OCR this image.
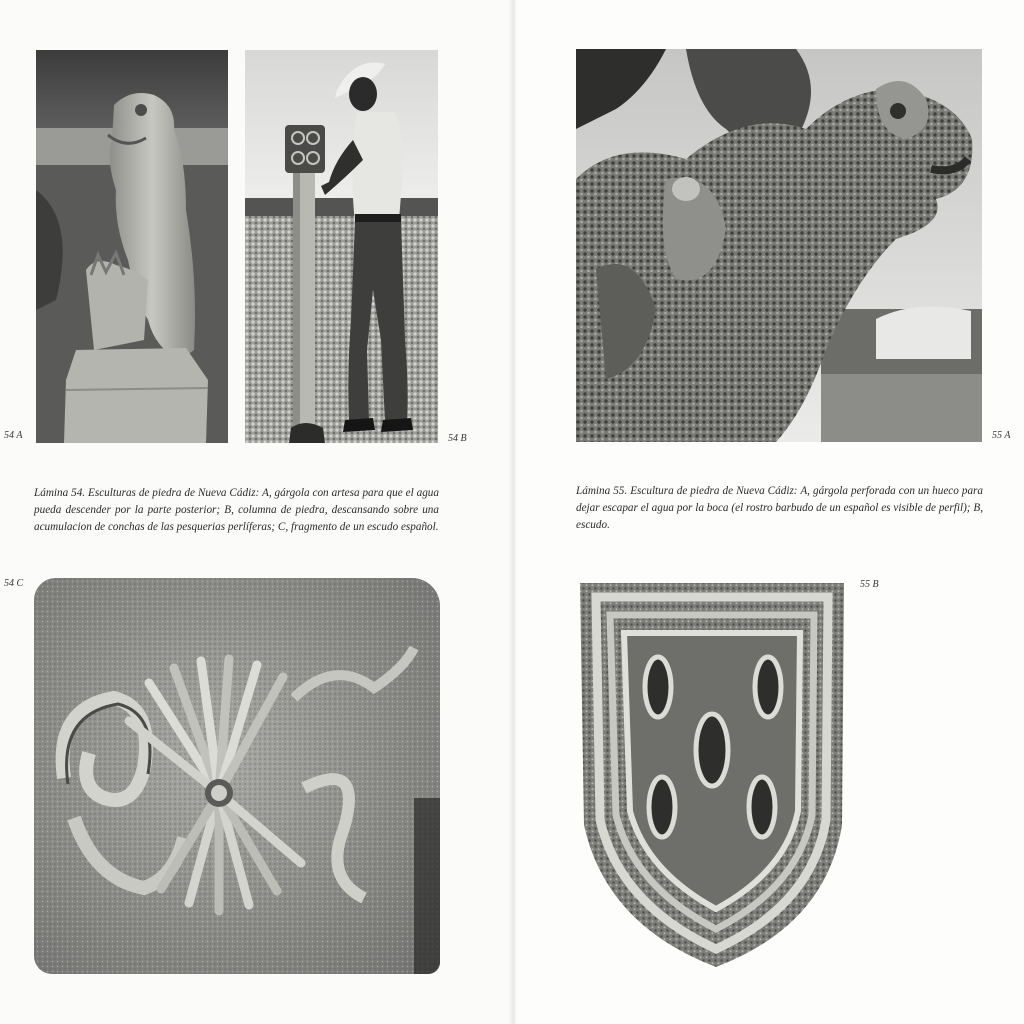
54 A	54 B
Lámina 54. Esculturas de piedra de Nueva Cádiz: A, gárgola con artesa para que el agua pueda descender por la parte posterior; B, columna de piedra, descansando sobre una acumulacion de conchas de las pesquerias perlíferas; C, fragmento de un escudo español.
54 C
55 A
Lámina 55. Escultura de piedra de Nueva Cádiz: A, gárgola perforada con un hueco para dejar escapar el agua por la boca (el rostro barbudo de un español es visible de perfil); B, escudo.
55 B
